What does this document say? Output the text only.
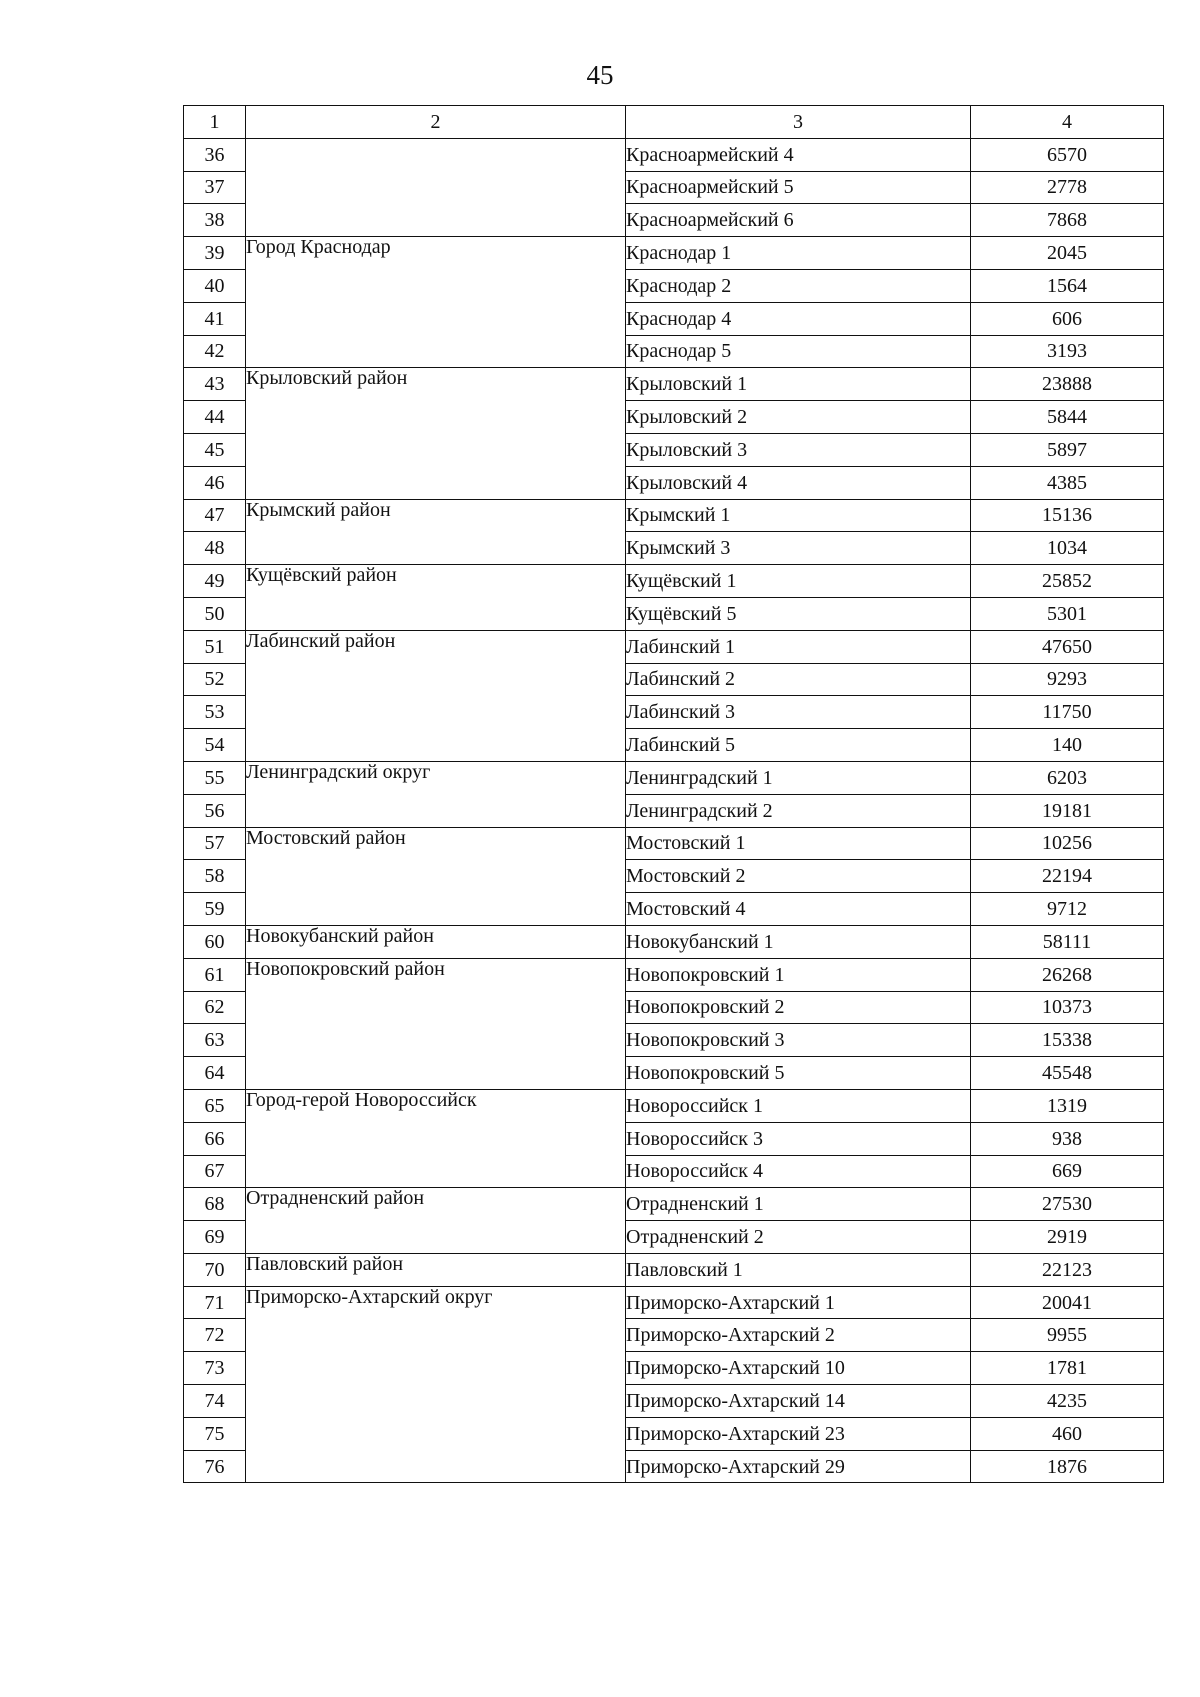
45
1	2	3	4
36		Красноармейский 4	6570
37		Красноармейский 5	2778
38		Красноармейский 6	7868
39	Город Краснодар	Краснодар 1	2045
40		Краснодар 2	1564
41		Краснодар 4	606
42		Краснодар 5	3193
43	Крыловский район	Крыловский 1	23888
44		Крыловский 2	5844
45		Крыловский 3	5897
46		Крыловский 4	4385
47	Крымский район	Крымский 1	15136
48		Крымский 3	1034
49	Кущёвский район	Кущёвский 1	25852
50		Кущёвский 5	5301
51	Лабинский район	Лабинский 1	47650
52		Лабинский 2	9293
53		Лабинский 3	11750
54		Лабинский 5	140
55	Ленинградский округ	Ленинградский 1	6203
56		Ленинградский 2	19181
57	Мостовский район	Мостовский 1	10256
58		Мостовский 2	22194
59		Мостовский 4	9712
60	Новокубанский район	Новокубанский 1	58111
61	Новопокровский район	Новопокровский 1	26268
62		Новопокровский 2	10373
63		Новопокровский 3	15338
64		Новопокровский 5	45548
65	Город-герой Новороссийск	Новороссийск 1	1319
66		Новороссийск 3	938
67		Новороссийск 4	669
68	Отрадненский район	Отрадненский 1	27530
69		Отрадненский 2	2919
70	Павловский район	Павловский 1	22123
71	Приморско-Ахтарский округ	Приморско-Ахтарский 1	20041
72		Приморско-Ахтарский 2	9955
73		Приморско-Ахтарский 10	1781
74		Приморско-Ахтарский 14	4235
75		Приморско-Ахтарский 23	460
76		Приморско-Ахтарский 29	1876
